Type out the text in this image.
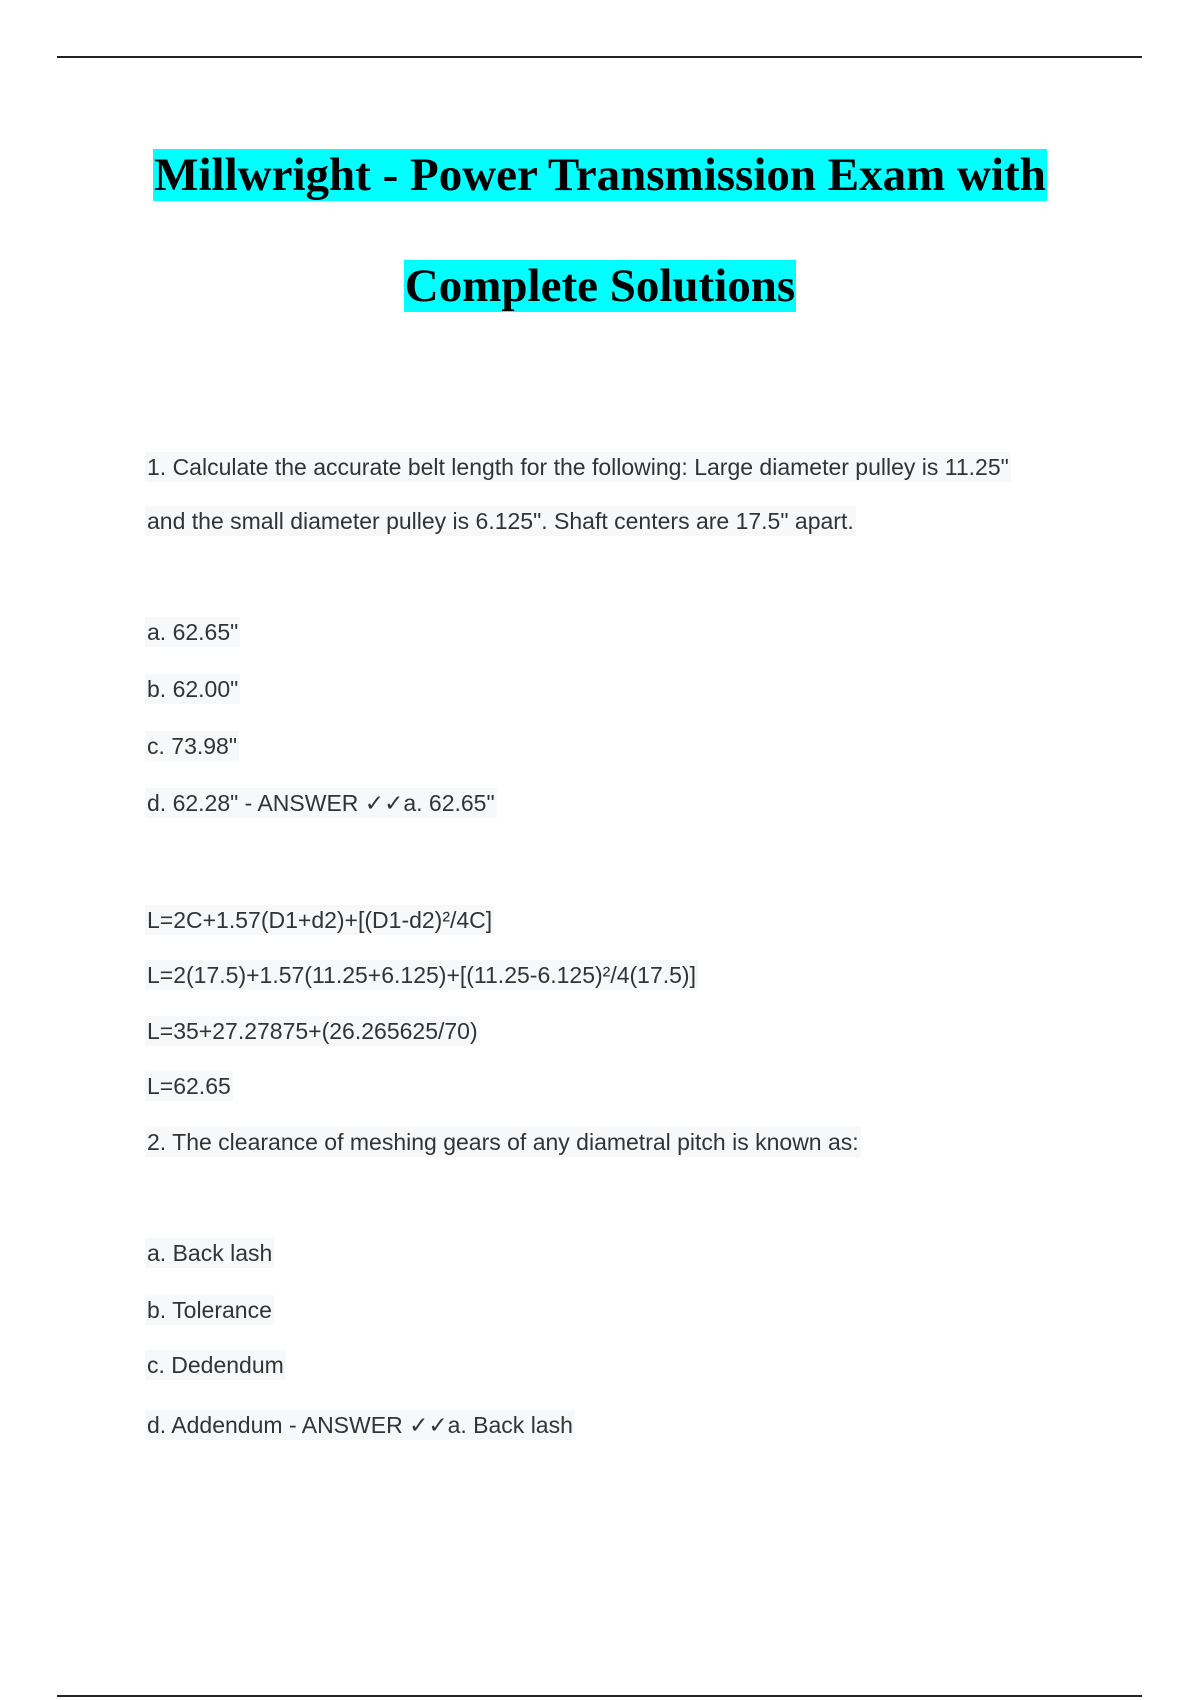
Millwright - Power Transmission Exam with
Complete Solutions
1. Calculate the accurate belt length for the following: Large diameter pulley is 11.25"
and the small diameter pulley is 6.125". Shaft centers are 17.5" apart.
a. 62.65"
b. 62.00"
c. 73.98"
d. 62.28" - ANSWER ✓✓a. 62.65"
L=2C+1.57(D1+d2)+[(D1-d2)²/4C]
L=2(17.5)+1.57(11.25+6.125)+[(11.25-6.125)²/4(17.5)]
L=35+27.27875+(26.265625/70)
L=62.65
2. The clearance of meshing gears of any diametral pitch is known as:
a. Back lash
b. Tolerance
c. Dedendum
d. Addendum - ANSWER ✓✓a. Back lash
